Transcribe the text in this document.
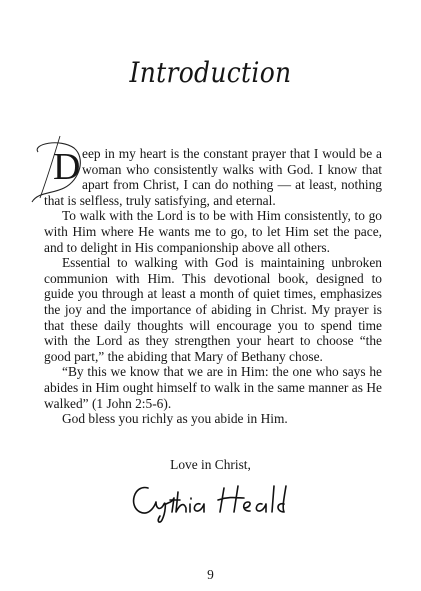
Introduction

D eep in my heart is the constant prayer that I would be a woman who consistently walks with God. I know that apart from Christ, I can do nothing — at least, nothing that is selfless, truly satisfying, and eternal.

To walk with the Lord is to be with Him consistently, to go with Him where He wants me to go, to let Him set the pace, and to delight in His companionship above all others.

Essential to walking with God is maintaining unbroken communion with Him. This devotional book, designed to guide you through at least a month of quiet times, emphasizes the joy and the importance of abiding in Christ. My prayer is that these daily thoughts will encourage you to spend time with the Lord as they strengthen your heart to choose “the good part,” the abiding that Mary of Bethany chose.

“By this we know that we are in Him: the one who says he abides in Him ought himself to walk in the same manner as He walked” (1 John 2:5-6).

God bless you richly as you abide in Him.

Love in Christ,
9
